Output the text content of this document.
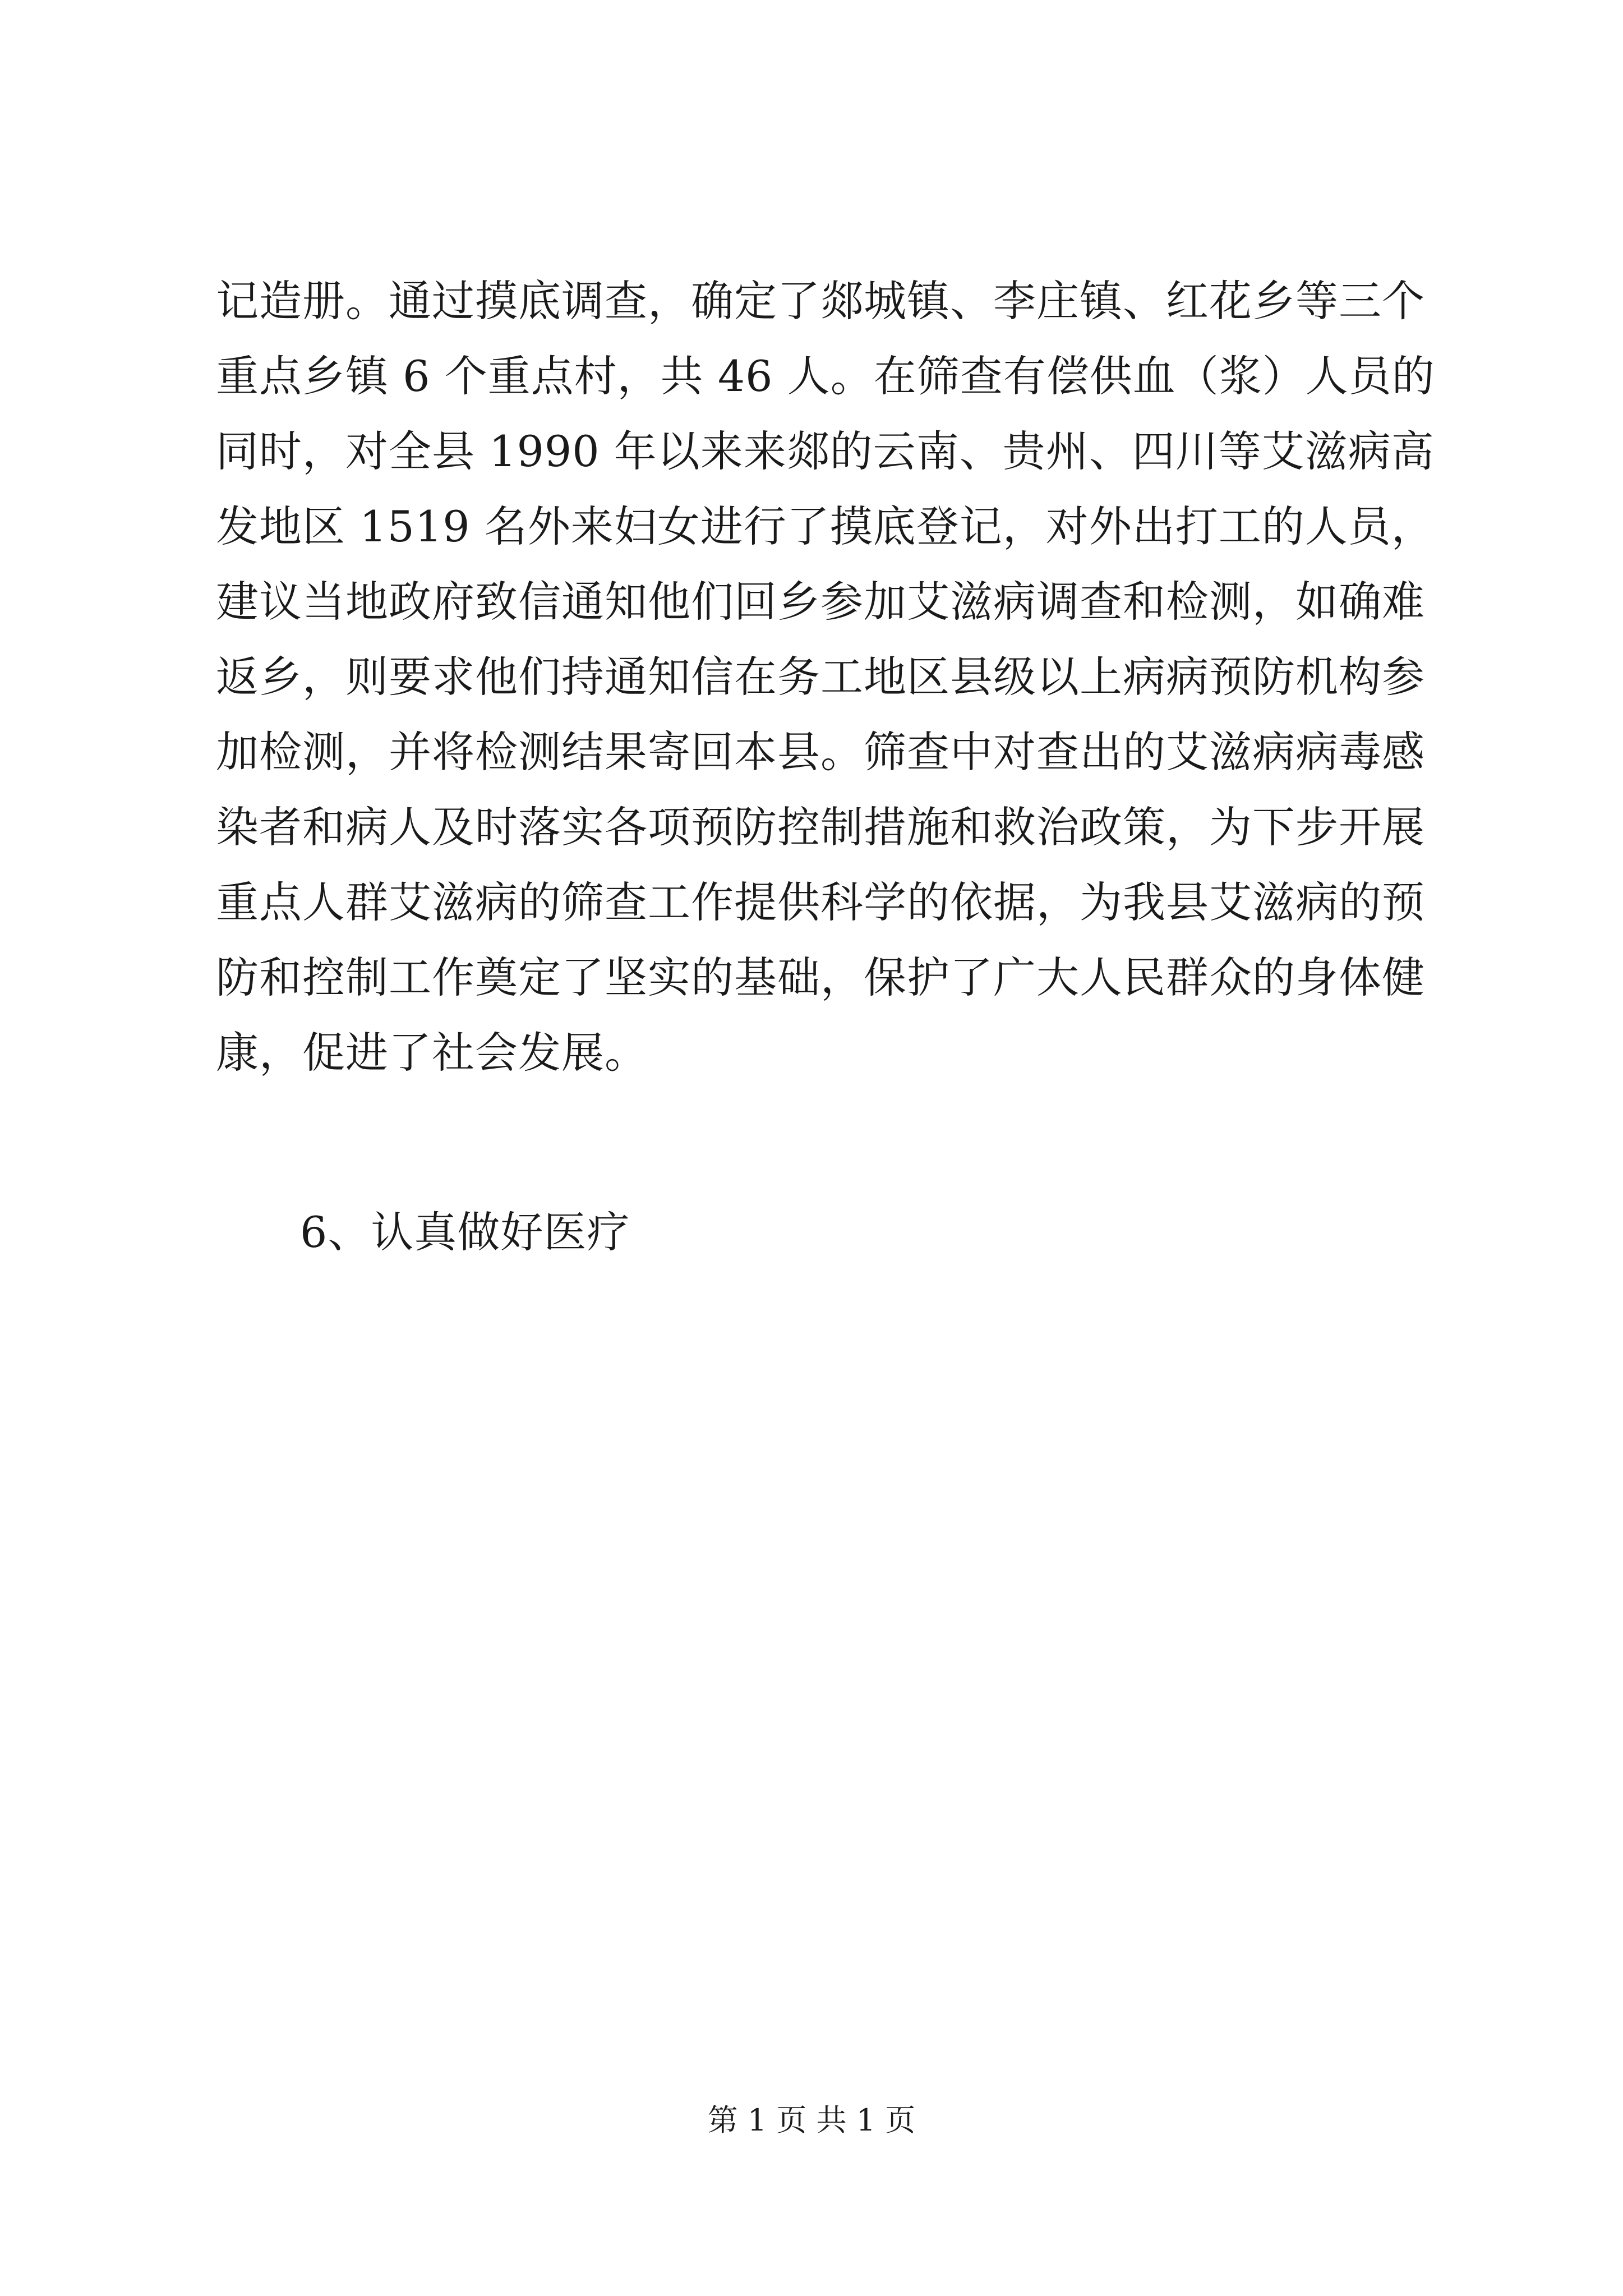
记造册。通过摸底调查，确定了郯城镇、李庄镇、红花乡等三个
重点乡镇 6 个重点村，共 46 人。在筛查有偿供血（浆）人员的
同时，对全县 1990 年以来来郯的云南、贵州、四川等艾滋病高
发地区 1519 名外来妇女进行了摸底登记，对外出打工的人员，
建议当地政府致信通知他们回乡参加艾滋病调查和检测，如确难
返乡，则要求他们持通知信在务工地区县级以上病病预防机构参
加检测，并将检测结果寄回本县。筛查中对查出的艾滋病病毒感
染者和病人及时落实各项预防控制措施和救治政策，为下步开展
重点人群艾滋病的筛查工作提供科学的依据，为我县艾滋病的预
防和控制工作奠定了坚实的基础，保护了广大人民群众的身体健
康，促进了社会发展。

6、认真做好医疗

第 1 页 共 1 页
